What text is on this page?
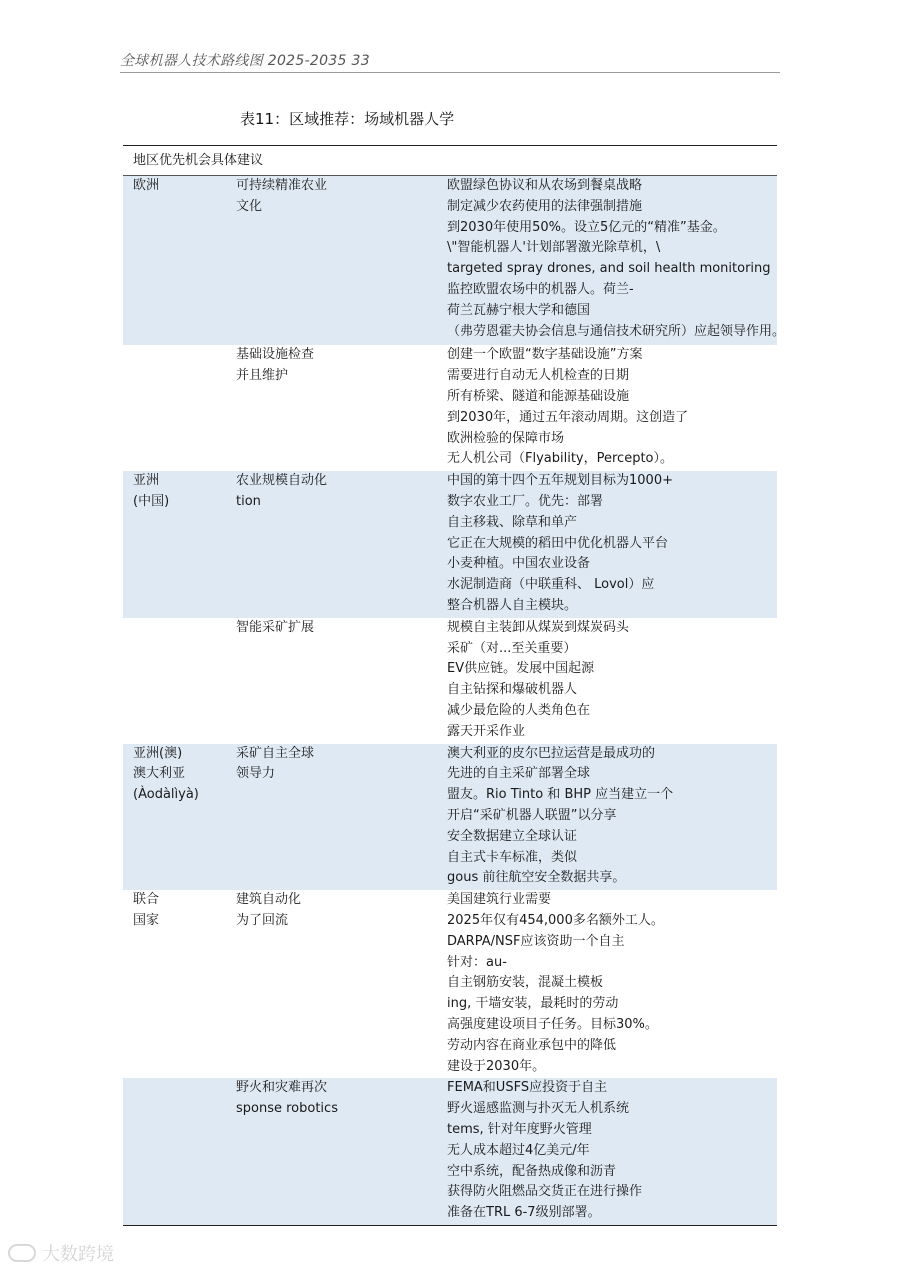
全球机器人技术路线图 2025-2035 33
表11：区域推荐：场域机器人学
地区优先机会具体建议
欧洲	可持续精准农业
文化
欧盟绿色协议和从农场到餐桌战略
制定减少农药使用的法律强制措施
到2030年使用50%。设立5亿元的“精准”基金。
\"智能机器人'计划部署激光除草机，\
targeted spray drones, and soil health monitoring
监控欧盟农场中的机器人。荷兰-
荷兰瓦赫宁根大学和德国
（弗劳恩霍夫协会信息与通信技术研究所）应起领导作用。
基础设施检查
并且维护
创建一个欧盟“数字基础设施”方案
需要进行自动无人机检查的日期
所有桥梁、隧道和能源基础设施
到2030年，通过五年滚动周期。这创造了
欧洲检验的保障市场
无人机公司（Flyability，Percepto）。
亚洲
(中国)
农业规模自动化
tion
中国的第十四个五年规划目标为1000+
数字农业工厂。优先：部署
自主移栽、除草和单产
它正在大规模的稻田中优化机器人平台
小麦种植。中国农业设备
水泥制造商（中联重科、 Lovol）应
整合机器人自主模块。
智能采矿扩展	规模自主装卸从煤炭到煤炭码头
采矿（对...至关重要）
EV供应链。发展中国起源
自主钻探和爆破机器人
减少最危险的人类角色在
露天开采作业
亚洲(澳)
澳大利亚 (Àodàlìyà)
采矿自主全球
领导力
澳大利亚的皮尔巴拉运营是最成功的
先进的自主采矿部署全球
盟友。Rio Tinto 和 BHP 应当建立一个
开启“采矿机器人联盟”以分享
安全数据建立全球认证
自主式卡车标准，类似
gous 前往航空安全数据共享。
联合
国家
建筑自动化
为了回流
美国建筑行业需要
2025年仅有454,000多名额外工人。
DARPA/NSF应该资助一个自主
针对：au-
自主钢筋安装，混凝土模板
ing, 干墙安装，最耗时的劳动
高强度建设项目子任务。目标30%。
劳动内容在商业承包中的降低
建设于2030年。
野火和灾难再次
sponse robotics
FEMA和USFS应投资于自主
野火遥感监测与扑灭无人机系统
tems, 针对年度野火管理
无人成本超过4亿美元/年
空中系统，配备热成像和沥青
获得防火阻燃品交货正在进行操作
准备在TRL 6-7级别部署。
大数跨境
